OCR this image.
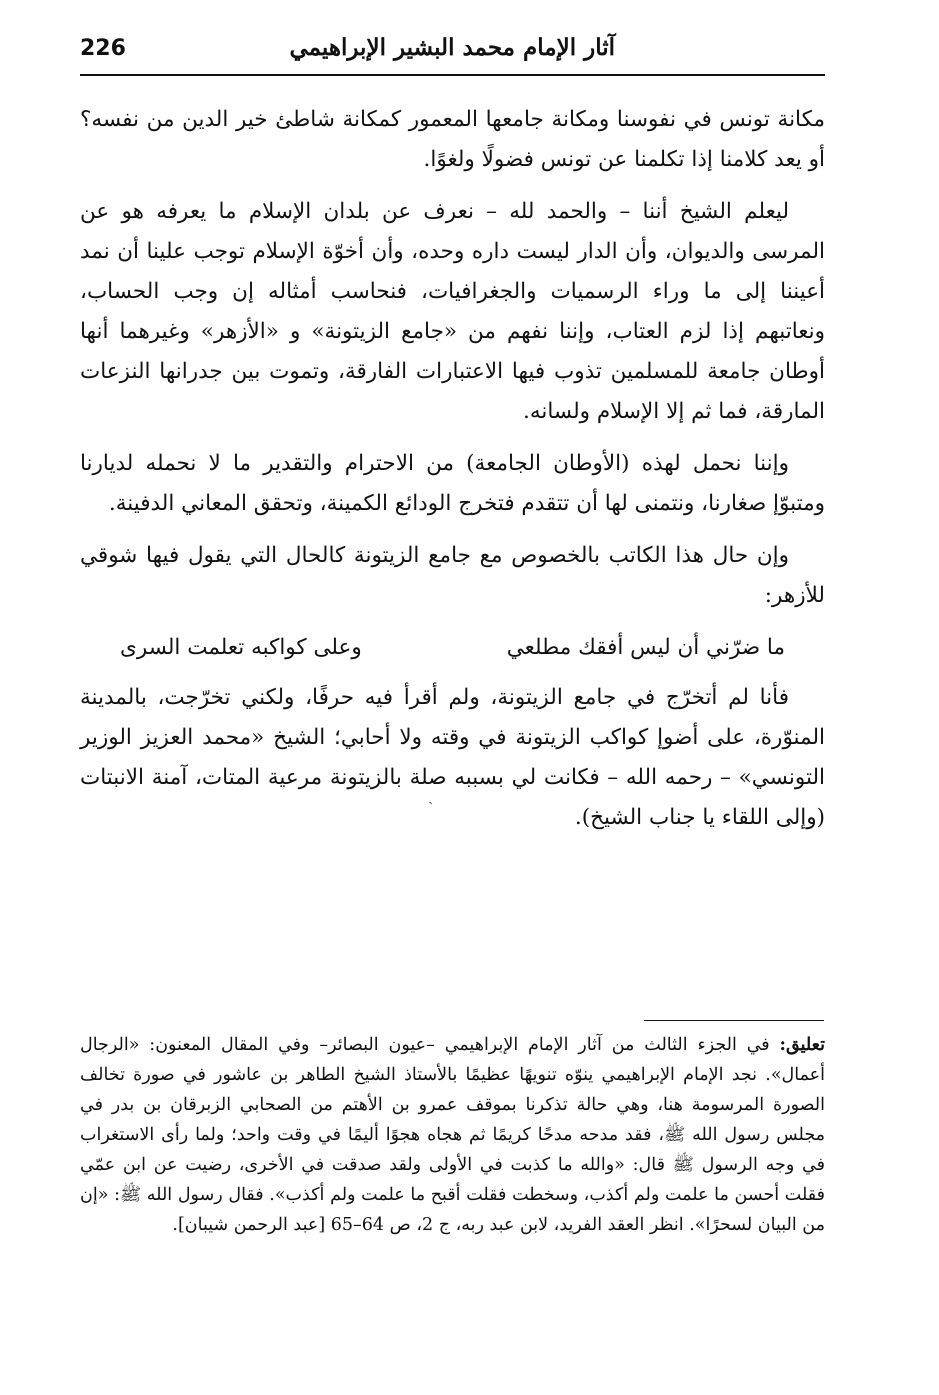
226	آثار الإمام محمد البشير الإبراهيمي

مكانة تونس في نفوسنا ومكانة جامعها المعمور كمكانة شاطئ خير الدين من نفسه؟ أو يعد كلامنا إذا تكلمنا عن تونس فضولًا ولغوًا.

ليعلم الشيخ أننا – والحمد لله – نعرف عن بلدان الإسلام ما يعرفه هو عن المرسى والديوان، وأن الدار ليست داره وحده، وأن أخوّة الإسلام توجب علينا أن نمد أعيننا إلى ما وراء الرسميات والجغرافيات، فنحاسب أمثاله إن وجب الحساب، ونعاتبهم إذا لزم العتاب، وإننا نفهم من «جامع الزيتونة» و «الأزهر» وغيرهما أنها أوطان جامعة للمسلمين تذوب فيها الاعتبارات الفارقة، وتموت بين جدرانها النزعات المارقة، فما ثم إلا الإسلام ولسانه.

وإننا نحمل لهذه (الأوطان الجامعة) من الاحترام والتقدير ما لا نحمله لديارنا ومتبوّإ صغارنا، ونتمنى لها أن تتقدم فتخرج الودائع الكمينة، وتحقق المعاني الدفينة.

وإن حال هذا الكاتب بالخصوص مع جامع الزيتونة كالحال التي يقول فيها شوقي للأزهر:

ما ضرّني أن ليس أفقك مطلعي
وعلى كواكبه تعلمت السرى

فأنا لم أتخرّج في جامع الزيتونة، ولم أقرأ فيه حرفًا، ولكني تخرّجت، بالمدينة المنوّرة، على أضوإ كواكب الزيتونة في وقته ولا أحابي؛ الشيخ «محمد العزيز الوزير التونسي» – رحمه الله – فكانت لي بسببه صلة بالزيتونة مرعية المتات، آمنة الانبتات (وإلى اللقاء يا جناب الشيخ).

ˏ
تعليق: في الجزء الثالث من آثار الإمام الإبراهيمي –عيون البصائر– وفي المقال المعنون: «الرجال أعمال». نجد الإمام الإبراهيمي ينوّه تنويهًا عظيمًا بالأستاذ الشيخ الطاهر بن عاشور في صورة تخالف الصورة المرسومة هنا، وهي حالة تذكرنا بموقف عمرو بن الأهتم من الصحابي الزبرقان بن بدر في مجلس رسول الله ﷺ، فقد مدحه مدحًا كريمًا ثم هجاه هجوًا أليمًا في وقت واحد؛ ولما رأى الاستغراب في وجه الرسول ﷺ قال: «والله ما كذبت في الأولى ولقد صدقت في الأخرى، رضيت عن ابن عمّي فقلت أحسن ما علمت ولم أكذب، وسخطت فقلت أقبح ما علمت ولم أكذب». فقال رسول الله ﷺ: «إن من البيان لسحرًا». انظر العقد الفريد، لابن عبد ربه، ج 2، ص 64–65 [عبد الرحمن شيبان].
